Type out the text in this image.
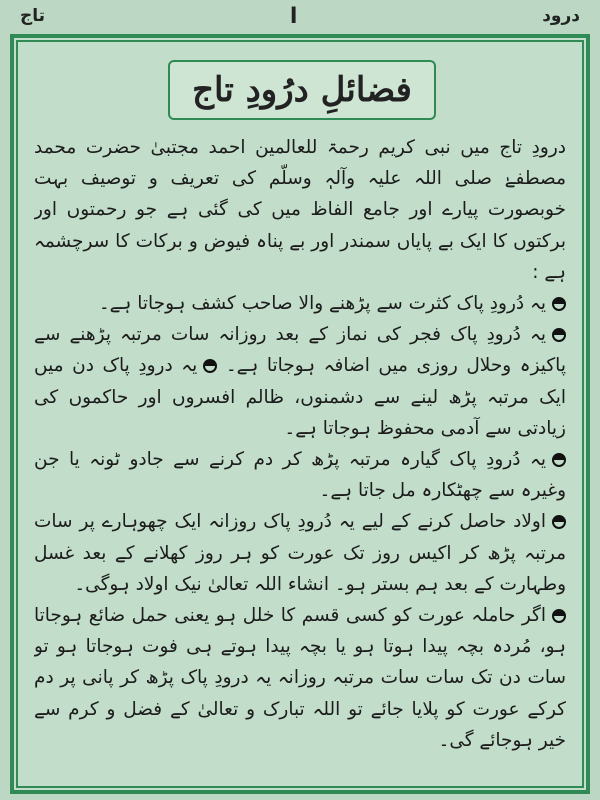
درود
ا
تاج
فضائلِ درُودِ تاج

درودِ تاج میں نبی کریم رحمۃ للعالمین احمد مجتبیٰ حضرت محمد مصطفےٰ صلی اللہ علیہ وآلہٖ وسلّم کی تعریف و توصیف بہت خوبصورت پیارے اور جامع الفاظ میں کی گئی ہے جو رحمتوں اور برکتوں کا ایک بے پایاں سمندر اور بے پناہ فیوض و برکات کا سرچشمہ ہے :

یہ دُرودِ پاک کثرت سے پڑھنے والا صاحب کشف ہوجاتا ہے۔

یہ دُرودِ پاک فجر کی نماز کے بعد روزانہ سات مرتبہ پڑھنے سے پاکیزہ وحلال روزی میں اضافہ ہوجاتا ہے۔ یہ درودِ پاک دن میں ایک مرتبہ پڑھ لینے سے دشمنوں، ظالم افسروں اور حاکموں کی زیادتی سے آدمی محفوظ ہوجاتا ہے۔

یہ دُرودِ پاک گیارہ مرتبہ پڑھ کر دم کرنے سے جادو ٹونہ یا جن وغیرہ سے چھٹکارہ مل جاتا ہے۔

اولاد حاصل کرنے کے لیے یہ دُرودِ پاک روزانہ ایک چھوہارے پر سات مرتبہ پڑھ کر اکیس روز تک عورت کو ہر روز کھلانے کے بعد غسل وطہارت کے بعد ہم بستر ہو۔ انشاء اللہ تعالیٰ نیک اولاد ہوگی۔

اگر حاملہ عورت کو کسی قسم کا خلل ہو یعنی حمل ضائع ہوجاتا ہو، مُردہ بچہ پیدا ہوتا ہو یا بچہ پیدا ہوتے ہی فوت ہوجاتا ہو تو سات دن تک سات سات مرتبہ روزانہ یہ درودِ پاک پڑھ کر پانی پر دم کرکے عورت کو پلایا جائے تو اللہ تبارک و تعالیٰ کے فضل و کرم سے خیر ہوجائے گی۔
